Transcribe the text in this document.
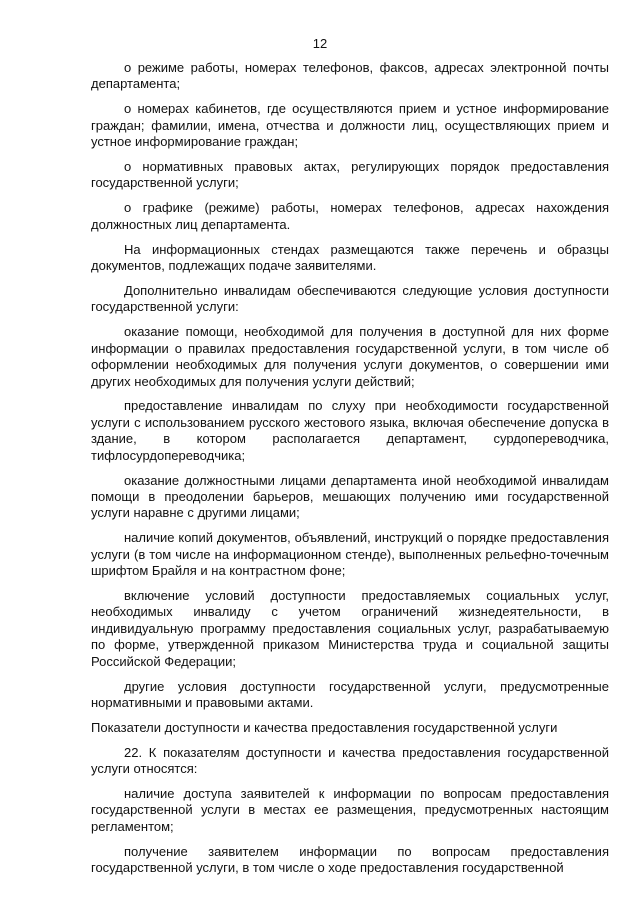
12

о режиме работы, номерах телефонов, факсов, адресах электронной почты департамента;

о номерах кабинетов, где осуществляются прием и устное информирование граждан; фамилии, имена, отчества и должности лиц, осуществляющих прием и устное информирование граждан;

о нормативных правовых актах, регулирующих порядок предоставления государственной услуги;

о графике (режиме) работы, номерах телефонов, адресах нахождения должностных лиц департамента.

На информационных стендах размещаются также перечень и образцы документов, подлежащих подаче заявителями.

Дополнительно инвалидам обеспечиваются следующие условия доступности государственной услуги:

оказание помощи, необходимой для получения в доступной для них форме информации о правилах предоставления государственной услуги, в том числе об оформлении необходимых для получения услуги документов, о совершении ими других необходимых для получения услуги действий;

предоставление инвалидам по слуху при необходимости государственной услуги с использованием русского жестового языка, включая обеспечение допуска в здание, в котором располагается департамент, сурдопереводчика, тифлосурдопереводчика;

оказание должностными лицами департамента иной необходимой инвалидам помощи в преодолении барьеров, мешающих получению ими государственной услуги наравне с другими лицами;

наличие копий документов, объявлений, инструкций о порядке предоставления услуги (в том числе на информационном стенде), выполненных рельефно-точечным шрифтом Брайля и на контрастном фоне;

включение условий доступности предоставляемых социальных услуг, необходимых инвалиду с учетом ограничений жизнедеятельности, в индивидуальную программу предоставления социальных услуг, разрабатываемую по форме, утвержденной приказом Министерства труда и социальной защиты Российской Федерации;

другие условия доступности государственной услуги, предусмотренные нормативными и правовыми актами.

Показатели доступности и качества предоставления государственной услуги

22. К показателям доступности и качества предоставления государственной услуги относятся:

наличие доступа заявителей к информации по вопросам предоставления государственной услуги в местах ее размещения, предусмотренных настоящим регламентом;

получение заявителем информации по вопросам предоставления государственной услуги, в том числе о ходе предоставления государственной
